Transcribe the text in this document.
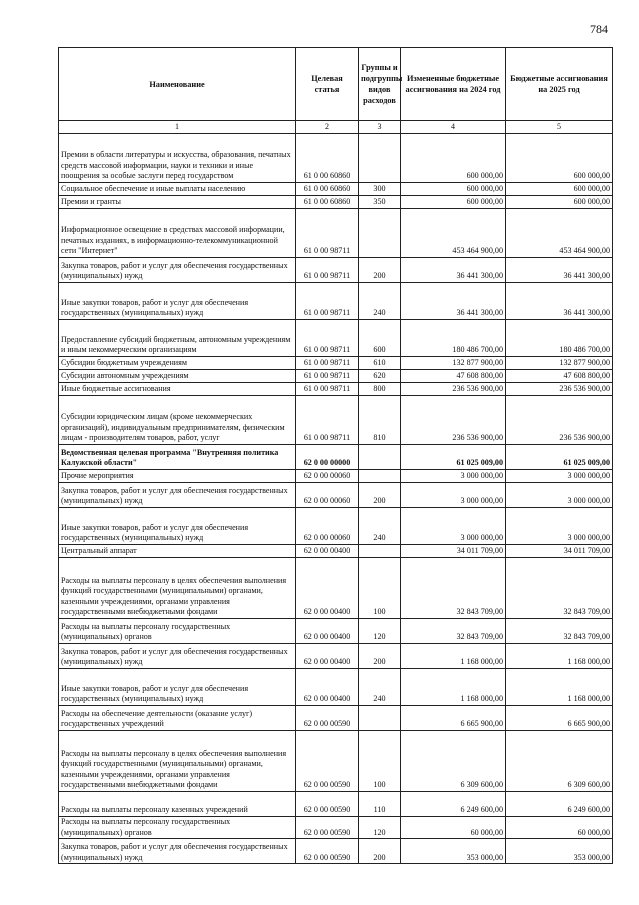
784
Наименование	Целевая статья	Группы и подгруппы видов расходов	Измененные бюджетные ассигнования на 2024 год	Бюджетные ассигнования на 2025 год
1	2	3	4	5
Премии в области литературы и искусства, образования, печатных средств массовой информации, науки и техники и иные поощрения за особые заслуги перед государством	61 0 00 60860		600 000,00	600 000,00
Социальное обеспечение и иные выплаты населению	61 0 00 60860	300	600 000,00	600 000,00
Премии и гранты	61 0 00 60860	350	600 000,00	600 000,00
Информационное освещение в средствах массовой информации, печатных изданиях, в информационно-телекоммуникационной сети "Интернет"	61 0 00 98711		453 464 900,00	453 464 900,00
Закупка товаров, работ и услуг для обеспечения государственных (муниципальных) нужд	61 0 00 98711	200	36 441 300,00	36 441 300,00
Иные закупки товаров, работ и услуг для обеспечения государственных (муниципальных) нужд	61 0 00 98711	240	36 441 300,00	36 441 300,00
Предоставление субсидий бюджетным, автономным учреждениям и иным некоммерческим организациям	61 0 00 98711	600	180 486 700,00	180 486 700,00
Субсидии бюджетным учреждениям	61 0 00 98711	610	132 877 900,00	132 877 900,00
Субсидии автономным учреждениям	61 0 00 98711	620	47 608 800,00	47 608 800,00
Иные бюджетные ассигнования	61 0 00 98711	800	236 536 900,00	236 536 900,00
Субсидии юридическим лицам (кроме некоммерческих организаций), индивидуальным предпринимателям, физическим лицам - производителям товаров, работ, услуг	61 0 00 98711	810	236 536 900,00	236 536 900,00
Ведомственная целевая программа "Внутренняя политика Калужской области"	62 0 00 00000		61 025 009,00	61 025 009,00
Прочие мероприятия	62 0 00 00060		3 000 000,00	3 000 000,00
Закупка товаров, работ и услуг для обеспечения государственных (муниципальных) нужд	62 0 00 00060	200	3 000 000,00	3 000 000,00
Иные закупки товаров, работ и услуг для обеспечения государственных (муниципальных) нужд	62 0 00 00060	240	3 000 000,00	3 000 000,00
Центральный аппарат	62 0 00 00400		34 011 709,00	34 011 709,00
Расходы на выплаты персоналу в целях обеспечения выполнения функций государственными (муниципальными) органами, казенными учреждениями, органами управления государственными внебюджетными фондами	62 0 00 00400	100	32 843 709,00	32 843 709,00
Расходы на выплаты персоналу государственных (муниципальных) органов	62 0 00 00400	120	32 843 709,00	32 843 709,00
Закупка товаров, работ и услуг для обеспечения государственных (муниципальных) нужд	62 0 00 00400	200	1 168 000,00	1 168 000,00
Иные закупки товаров, работ и услуг для обеспечения государственных (муниципальных) нужд	62 0 00 00400	240	1 168 000,00	1 168 000,00
Расходы на обеспечение деятельности (оказание услуг) государственных учреждений	62 0 00 00590		6 665 900,00	6 665 900,00
Расходы на выплаты персоналу в целях обеспечения выполнения функций государственными (муниципальными) органами, казенными учреждениями, органами управления государственными внебюджетными фондами	62 0 00 00590	100	6 309 600,00	6 309 600,00
Расходы на выплаты персоналу казенных учреждений	62 0 00 00590	110	6 249 600,00	6 249 600,00
Расходы на выплаты персоналу государственных (муниципальных) органов	62 0 00 00590	120	60 000,00	60 000,00
Закупка товаров, работ и услуг для обеспечения государственных (муниципальных) нужд	62 0 00 00590	200	353 000,00	353 000,00
